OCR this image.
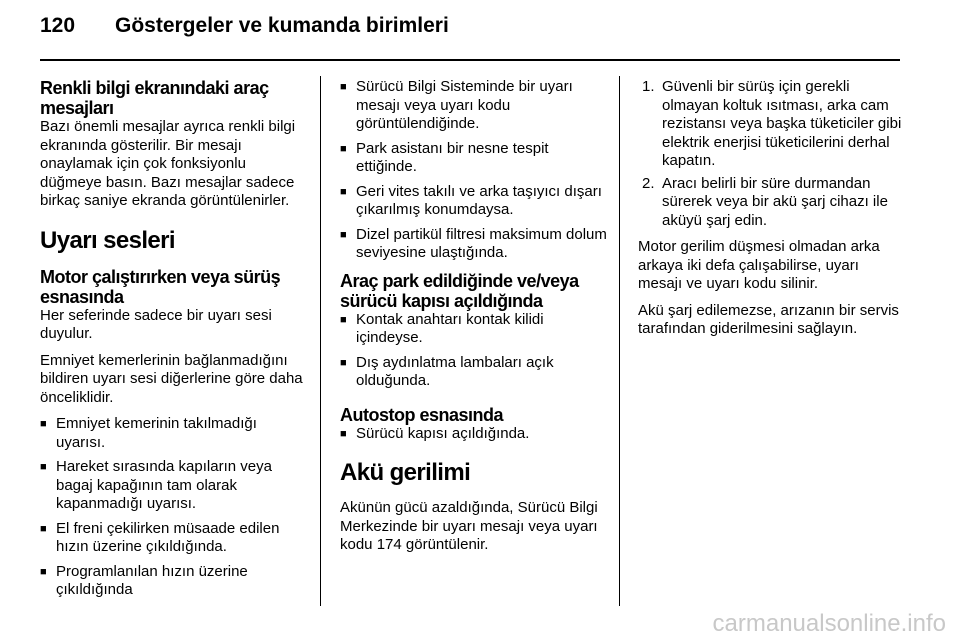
120	Göstergeler ve kumanda birimleri
Renkli bilgi ekranındaki araç mesajları

Bazı önemli mesajlar ayrıca renkli bilgi ekranında gösterilir. Bir mesajı onaylamak için çok fonksiyonlu düğmeye basın. Bazı mesajlar sadece birkaç saniye ekranda görüntülenirler.

Uyarı sesleri
Motor çalıştırırken veya sürüş esnasında

Her seferinde sadece bir uyarı sesi duyulur.

Emniyet kemerlerinin bağlanmadığını bildiren uyarı sesi diğerlerine göre daha önceliklidir.

■ Emniyet kemerinin takılmadığı uyarısı.
■ Hareket sırasında kapıların veya bagaj kapağının tam olarak kapanmadığı uyarısı.
■ El freni çekilirken müsaade edilen hızın üzerine çıkıldığında.
■ Programlanılan hızın üzerine çıkıldığında
■ Sürücü Bilgi Sisteminde bir uyarı mesajı veya uyarı kodu görüntülendiğinde.
■ Park asistanı bir nesne tespit ettiğinde.
■ Geri vites takılı ve arka taşıyıcı dışarı çıkarılmış konumdaysa.
■ Dizel partikül filtresi maksimum dolum seviyesine ulaştığında.
Araç park edildiğinde ve/veya sürücü kapısı açıldığında
■ Kontak anahtarı kontak kilidi içindeyse.
■ Dış aydınlatma lambaları açık olduğunda.
Autostop esnasında
■ Sürücü kapısı açıldığında.
Akü gerilimi

Akünün gücü azaldığında, Sürücü Bilgi Merkezinde bir uyarı mesajı veya uyarı kodu 174 görüntülenir.

1. Güvenli bir sürüş için gerekli olmayan koltuk ısıtması, arka cam rezistansı veya başka tüketiciler gibi elektrik enerjisi tüketicilerini derhal kapatın.
2. Aracı belirli bir süre durmandan sürerek veya bir akü şarj cihazı ile aküyü şarj edin.

Motor gerilim düşmesi olmadan arka arkaya iki defa çalışabilirse, uyarı mesajı ve uyarı kodu silinir.

Akü şarj edilemezse, arızanın bir servis tarafından giderilmesini sağlayın.

carmanualsonline.info
